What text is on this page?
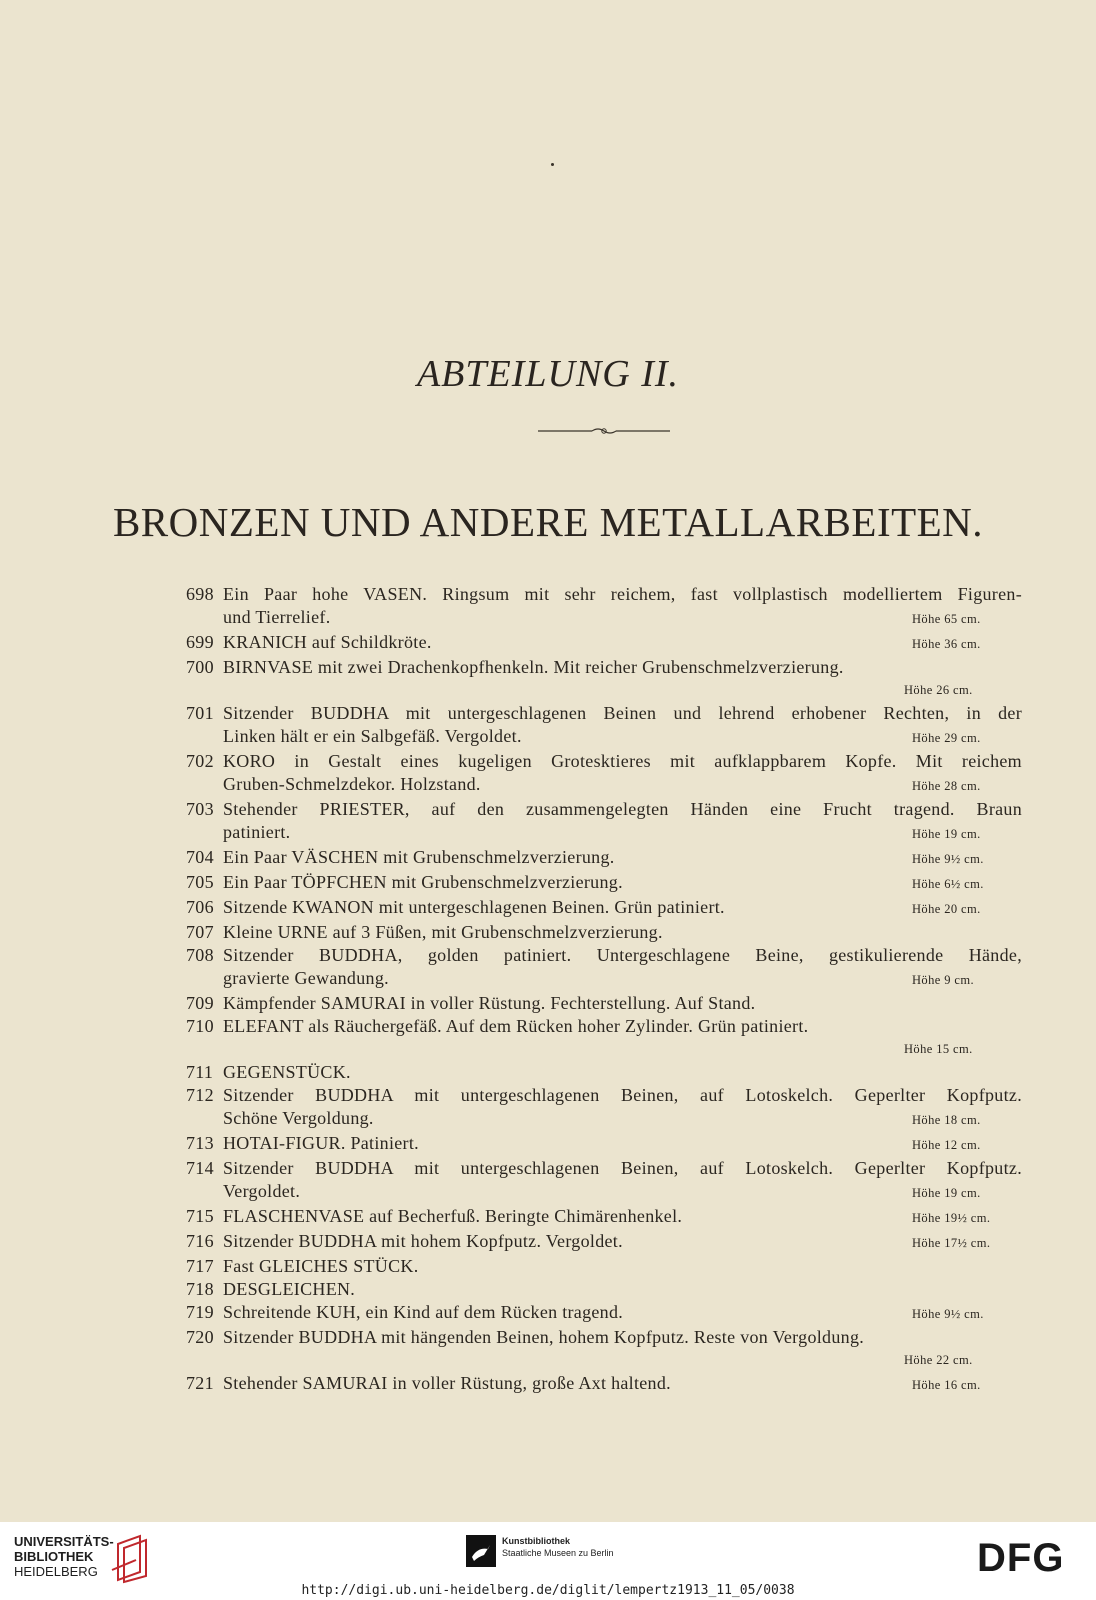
ABTEILUNG II.
BRONZEN UND ANDERE METALLARBEITEN.
698 Ein Paar hohe VASEN. Ringsum mit sehr reichem, fast vollplastisch modelliertem Figuren-
und Tierrelief.	Höhe 65 cm.
699 KRANICH auf Schildkröte.	Höhe 36 cm.
700 BIRNVASE mit zwei Drachenkopfhenkeln. Mit reicher Grubenschmelzverzierung.
Höhe 26 cm.
701 Sitzender BUDDHA mit untergeschlagenen Beinen und lehrend erhobener Rechten, in der
Linken hält er ein Salbgefäß. Vergoldet.	Höhe 29 cm.
702 KORO in Gestalt eines kugeligen Grotesktieres mit aufklappbarem Kopfe. Mit reichem
Gruben-Schmelzdekor. Holzstand.	Höhe 28 cm.
703 Stehender PRIESTER, auf den zusammengelegten Händen eine Frucht tragend. Braun
patiniert.	Höhe 19 cm.
704 Ein Paar VÄSCHEN mit Grubenschmelzverzierung.	Höhe 9½ cm.
705 Ein Paar TÖPFCHEN mit Grubenschmelzverzierung.	Höhe 6½ cm.
706 Sitzende KWANON mit untergeschlagenen Beinen. Grün patiniert.	Höhe 20 cm.
707 Kleine URNE auf 3 Füßen, mit Grubenschmelzverzierung.
708 Sitzender BUDDHA, golden patiniert. Untergeschlagene Beine, gestikulierende Hände,
gravierte Gewandung.	Höhe 9 cm.
709 Kämpfender SAMURAI in voller Rüstung. Fechterstellung. Auf Stand.
710 ELEFANT als Räuchergefäß. Auf dem Rücken hoher Zylinder. Grün patiniert.
Höhe 15 cm.
711 GEGENSTÜCK.
712 Sitzender BUDDHA mit untergeschlagenen Beinen, auf Lotoskelch. Geperlter Kopfputz.
Schöne Vergoldung.	Höhe 18 cm.
713 HOTAI-FIGUR. Patiniert.	Höhe 12 cm.
714 Sitzender BUDDHA mit untergeschlagenen Beinen, auf Lotoskelch. Geperlter Kopfputz.
Vergoldet.	Höhe 19 cm.
715 FLASCHENVASE auf Becherfuß. Beringte Chimärenhenkel.	Höhe 19½ cm.
716 Sitzender BUDDHA mit hohem Kopfputz. Vergoldet.	Höhe 17½ cm.
717 Fast GLEICHES STÜCK.
718 DESGLEICHEN.
719 Schreitende KUH, ein Kind auf dem Rücken tragend.	Höhe 9½ cm.
720 Sitzender BUDDHA mit hängenden Beinen, hohem Kopfputz. Reste von Vergoldung.
Höhe 22 cm.
721 Stehender SAMURAI in voller Rüstung, große Axt haltend.	Höhe 16 cm.
UNIVERSITÄTS-
BIBLIOTHEK
HEIDELBERG
Kunstbibliothek
Staatliche Museen zu Berlin	DFG
http://digi.ub.uni-heidelberg.de/diglit/lempertz1913_11_05/0038
